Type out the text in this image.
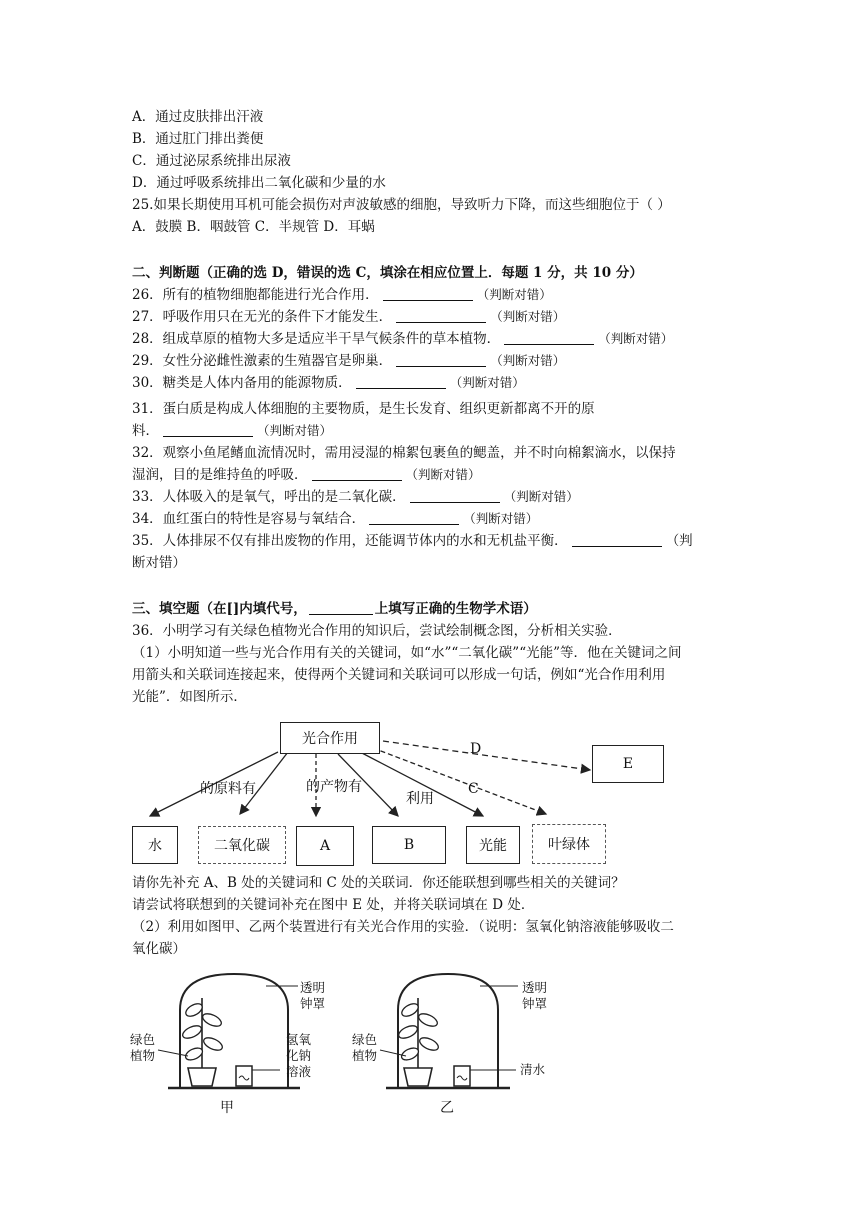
A．通过皮肤排出汗液
B．通过肛门排出粪便
C．通过泌尿系统排出尿液
D．通过呼吸系统排出二氧化碳和少量的水
25.如果长期使用耳机可能会损伤对声波敏感的细胞，导致听力下降，而这些细胞位于（ ）
A．鼓膜 B．咽鼓管 C．半规管 D．耳蜗
二、判断题（正确的选 D，错误的选 C，填涂在相应位置上．每题 1 分，共 10 分）
26．所有的植物细胞都能进行光合作用．	（判断对错）
27．呼吸作用只在无光的条件下才能发生．	（判断对错）
28．组成草原的植物大多是适应半干旱气候条件的草本植物．	（判断对错）
29．女性分泌雌性激素的生殖器官是卵巢．	（判断对错）
30．糖类是人体内备用的能源物质．	（判断对错）
31．蛋白质是构成人体细胞的主要物质，是生长发育、组织更新都离不开的原
料．	（判断对错）
32．观察小鱼尾鳍血流情况时，需用浸湿的棉絮包裹鱼的鳃盖，并不时向棉絮滴水，以保持
湿润，目的是维持鱼的呼吸．	（判断对错）
33．人体吸入的是氧气，呼出的是二氧化碳．	（判断对错）
34．血红蛋白的特性是容易与氧结合．	（判断对错）
35．人体排尿不仅有排出废物的作用，还能调节体内的水和无机盐平衡．	（判
断对错）
三、填空题（在[]内填代号，	上填写正确的生物学术语）
36．小明学习有关绿色植物光合作用的知识后，尝试绘制概念图，分析相关实验．
（1）小明知道一些与光合作用有关的关键词，如“水”“二氧化碳”“光能”等．他在关键词之间
用箭头和关联词连接起来，使得两个关键词和关联词可以形成一句话，例如“光合作用利用
光能”．如图所示．
光合作用
E
D
C
的原料有	的产物有
利用
水	二氧化碳	A	B	光能	叶绿体
请你先补充 A、B 处的关键词和 C 处的关联词．你还能联想到哪些相关的关键词？
请尝试将联想到的关键词补充在图中 E 处，并将关联词填在 D 处．
（2）利用如图甲、乙两个装置进行有关光合作用的实验．（说明：氢氧化钠溶液能够吸收二
氧化碳）
透明
钟罩
绿色
植物
氢氧
化钠
溶液
甲
透明
钟罩
绿色
植物
清水
乙
